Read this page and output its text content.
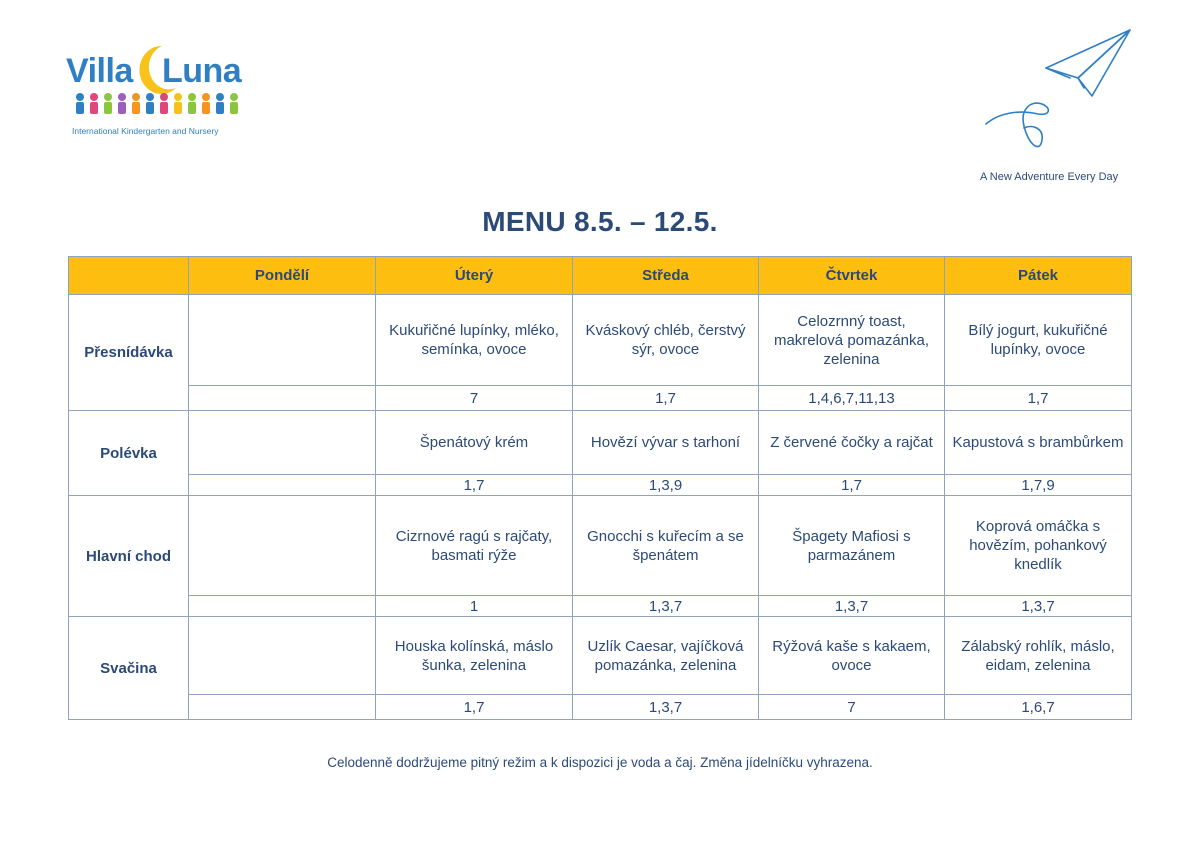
Villa Luna
International Kindergarten and Nursery
A New Adventure Every Day
MENU 8.5. – 12.5.
	Pondělí	Úterý	Středa	Čtvrtek	Pátek
Přesnídávka		Kukuřičné lupínky, mléko, semínka, ovoce	Kváskový chléb, čerstvý sýr, ovoce	Celozrnný toast, makrelová pomazánka, zelenina	Bílý jogurt, kukuřičné lupínky, ovoce
		7	1,7	1,4,6,7,11,13	1,7
Polévka		Špenátový krém	Hovězí vývar s tarhoní	Z červené čočky a rajčat	Kapustová s brambůrkem
		1,7	1,3,9	1,7	1,7,9
Hlavní chod		Cizrnové ragú s rajčaty, basmati rýže	Gnocchi s kuřecím a se špenátem	Špagety Mafiosi s parmazánem	Koprová omáčka s hovězím, pohankový knedlík
		1	1,3,7	1,3,7	1,3,7
Svačina		Houska kolínská, máslo šunka, zelenina	Uzlík Caesar, vajíčková pomazánka, zelenina	Rýžová kaše s kakaem, ovoce	Zálabský rohlík, máslo, eidam, zelenina
		1,7	1,3,7	7	1,6,7
Celodenně dodržujeme pitný režim a k dispozici je voda a čaj. Změna jídelníčku vyhrazena.
